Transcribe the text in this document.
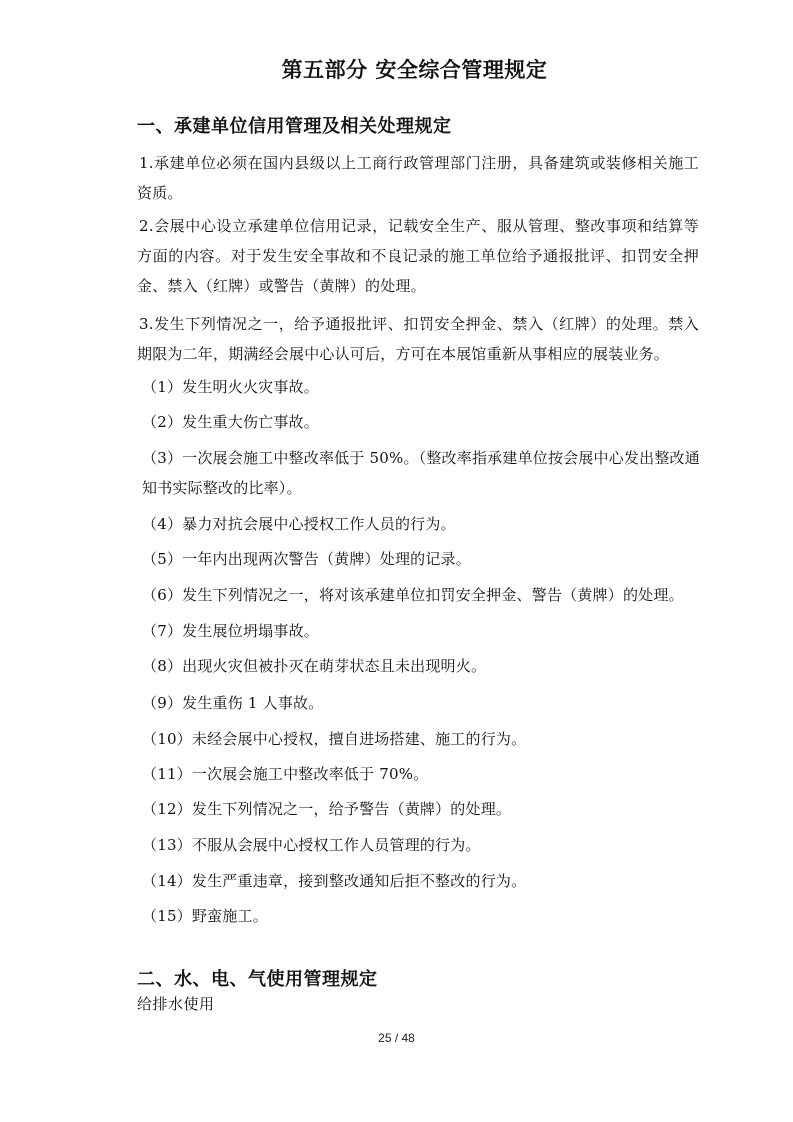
第五部分 安全综合管理规定
一、承建单位信用管理及相关处理规定
1.承建单位必须在国内县级以上工商行政管理部门注册，具备建筑或装修相关施工资质。
2.会展中心设立承建单位信用记录，记载安全生产、服从管理、整改事项和结算等方面的内容。对于发生安全事故和不良记录的施工单位给予通报批评、扣罚安全押金、禁入（红牌）或警告（黄牌）的处理。
3.发生下列情况之一，给予通报批评、扣罚安全押金、禁入（红牌）的处理。禁入期限为二年，期满经会展中心认可后，方可在本展馆重新从事相应的展装业务。
（1）发生明火火灾事故。
（2）发生重大伤亡事故。
（3）一次展会施工中整改率低于 50%。（整改率指承建单位按会展中心发出整改通知书实际整改的比率）。
（4）暴力对抗会展中心授权工作人员的行为。
（5）一年内出现两次警告（黄牌）处理的记录。
（6）发生下列情况之一，将对该承建单位扣罚安全押金、警告（黄牌）的处理。
（7）发生展位坍塌事故。
（8）出现火灾但被扑灭在萌芽状态且未出现明火。
（9）发生重伤 1 人事故。
（10）未经会展中心授权，擅自进场搭建、施工的行为。
（11）一次展会施工中整改率低于 70%。
（12）发生下列情况之一，给予警告（黄牌）的处理。
（13）不服从会展中心授权工作人员管理的行为。
（14）发生严重违章，接到整改通知后拒不整改的行为。
（15）野蛮施工。
二、水、电、气使用管理规定
给排水使用
25 / 48
